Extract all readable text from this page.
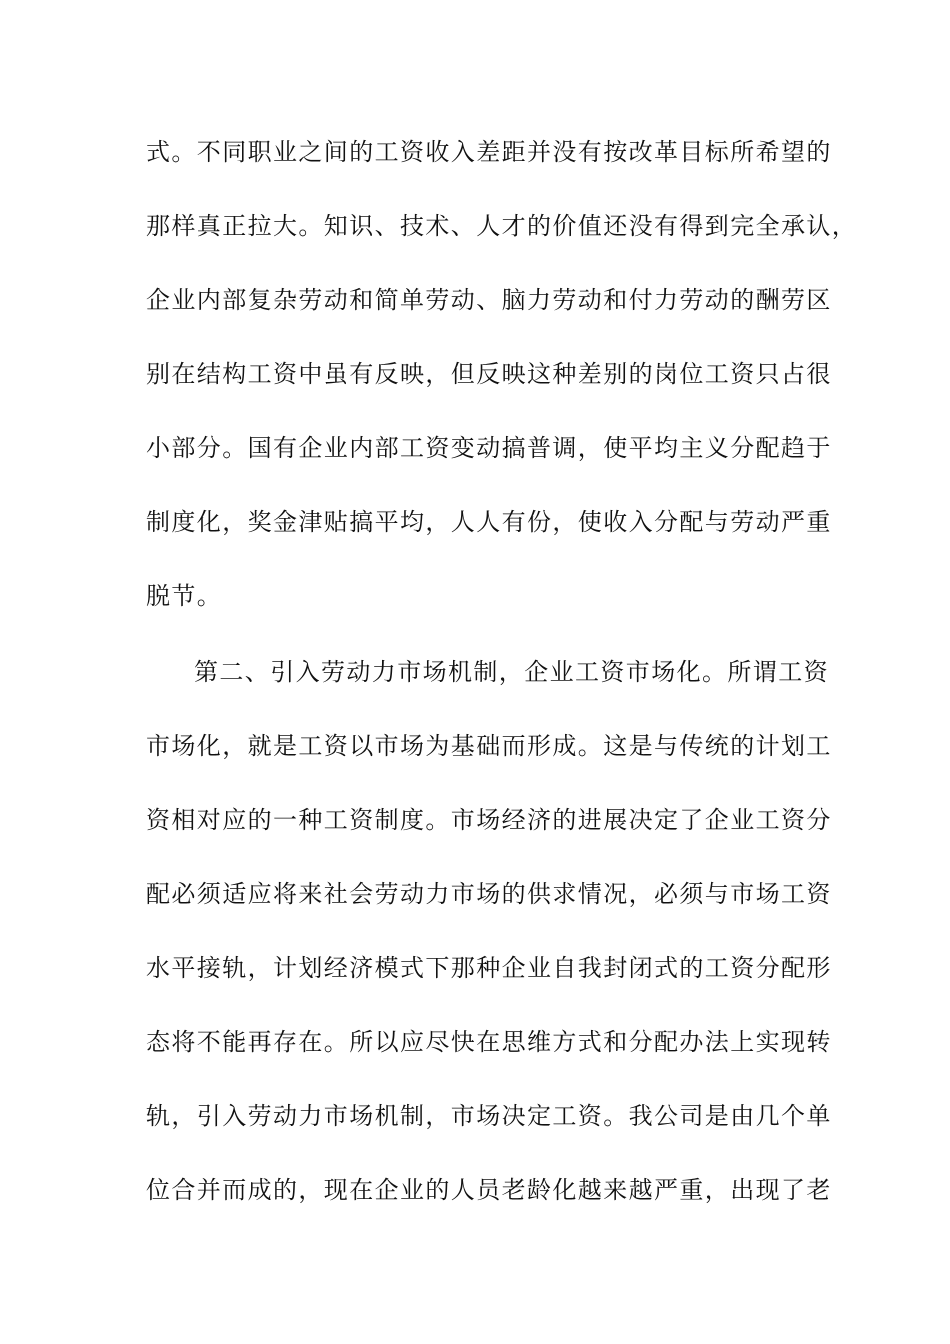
式。不同职业之间的工资收入差距并没有按改革目标所希望的
那样真正拉大。知识、技术、人才的价值还没有得到完全承认，
企业内部复杂劳动和简单劳动、脑力劳动和付力劳动的酬劳区
别在结构工资中虽有反映，但反映这种差别的岗位工资只占很
小部分。国有企业内部工资变动搞普调，使平均主义分配趋于
制度化，奖金津贴搞平均，人人有份，使收入分配与劳动严重
脱节。
第二、引入劳动力市场机制，企业工资市场化。所谓工资
市场化，就是工资以市场为基础而形成。这是与传统的计划工
资相对应的一种工资制度。市场经济的进展决定了企业工资分
配必须适应将来社会劳动力市场的供求情况，必须与市场工资
水平接轨，计划经济模式下那种企业自我封闭式的工资分配形
态将不能再存在。所以应尽快在思维方式和分配办法上实现转
轨，引入劳动力市场机制，市场决定工资。我公司是由几个单
位合并而成的，现在企业的人员老龄化越来越严重，出现了老
